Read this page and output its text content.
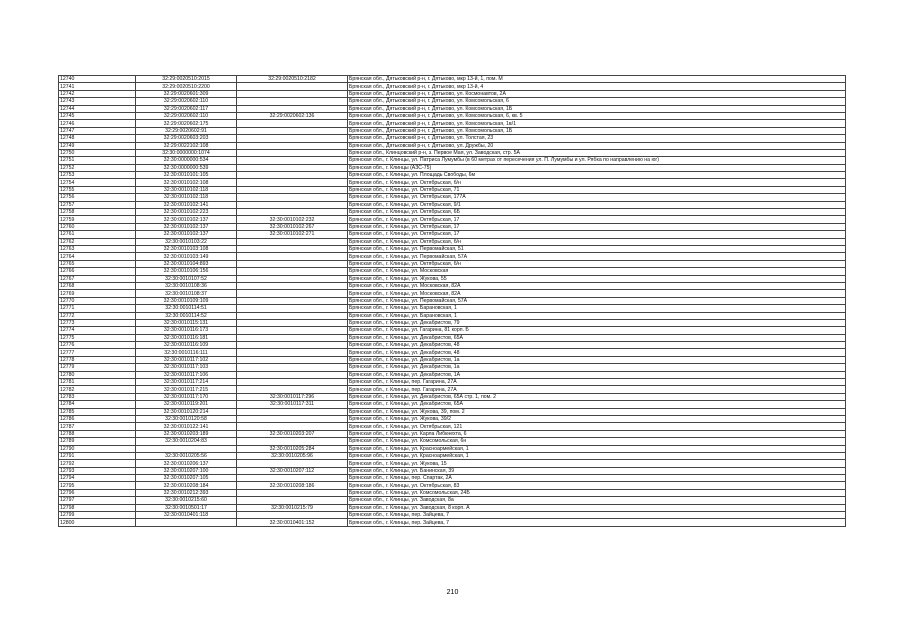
12740	32:29:0020510:2015	32:29:0020510:2182	Брянская обл., Дятьковский р-н, г. Дятьково, мкр 13-й, 1, пом. М
12741	32:29:0020510:2200		Брянская обл., Дятьковский р-н, г. Дятьково, мкр 13-й, 4
12742	32:29:0020601:309		Брянская обл., Дятьковский р-н, г. Дятьково, ул. Космонавтов, 2А
12743	32:29:0020602:110		Брянская обл., Дятьковский р-н, г. Дятьково, ул. Комсомольская, 6
12744	32:29:0020602:117		Брянская обл., Дятьковский р-н, г. Дятьково, ул. Комсомольская, 1Б
12745	32:29:0020602:110	32:29:0020602:136	Брянская обл., Дятьковский р-н, г. Дятьково, ул. Комсомольская, 6, кв. 5
12746	32:29:0020602:175		Брянская обл., Дятьковский р-н, г. Дятьково, ул. Комсомольская, 1в/1
12747	32:29:0020602:91		Брянская обл., Дятьковский р-н, г. Дятьково, ул. Комсомольская, 1Б
12748	32:29:0020603:203		Брянская обл., Дятьковский р-н, г. Дятьково, ул. Толстая, 23
12749	32:29:0022102:108		Брянская обл., Дятьковский р-н, г. Дятьково, ул. Дружбы, 20
12750	32:30:0000000:1074		Брянская обл., Клинцовский р-н, з. Первое Мая, ул. Заводская, стр. 5А
12751	32:30:0000000:534		Брянская обл., г. Клинцы, ул. Патриса Лумумбы (в 60 метрах от пересечения ул. П. Лумумбы и ул. Рябка по направлению на юг)
12752	32:30:0000000:539		Брянская обл., г. Клинцы (АЗС-75)
12753	32:30:0010101:105		Брянская обл., г. Клинцы, ул. Площадь Свободы, 6м
12754	32:30:0010102:108		Брянская обл., г. Клинцы, ул. Октябрьская, б/н
12755	32:30:0010102:118		Брянская обл., г. Клинцы, ул. Октябрьская, 71
12756	32:30:0010102:118		Брянская обл., г. Клинцы, ул. Октябрьская, 177А
12757	32:30:0010102:141		Брянская обл., г. Клинцы, ул. Октябрьская, 9/1
12758	32:30:0010102:223		Брянская обл., г. Клинцы, ул. Октябрьская, 6Б
12759	32:30:0010102:137	32:30:0010102:232	Брянская обл., г. Клинцы, ул. Октябрьская, 17
12760	32:30:0010102:137	32:30:0010102:267	Брянская обл., г. Клинцы, ул. Октябрьская, 17
12761	32:30:0010102:137	32:30:0010102:271	Брянская обл., г. Клинцы, ул. Октябрьская, 17
12762	32:30:0010103:22		Брянская обл., г. Клинцы, ул. Октябрьская, б/н
12763	32:30:0010103:108		Брянская обл., г. Клинцы, ул. Первомайская, 51
12764	32:30:0010103:149		Брянская обл., г. Клинцы, ул. Первомайская, 57А
12765	32:30:0010104:893		Брянская обл., г. Клинцы, ул. Октябрьская, б/н
12766	32:30:0010106:156		Брянская обл., г. Клинцы, ул. Московская
12767	32:30:0010107:52		Брянская обл., г. Клинцы, ул. Жукова, 55
12768	32:30:0010108:36		Брянская обл., г. Клинцы, ул. Московская, 82А
12769	32:30:0010108:37		Брянская обл., г. Клинцы, ул. Московская, 82А
12770	32:30:0010109:109		Брянская обл., г. Клинцы, ул. Первомайская, 57А
12771	32:30:0010114:51		Брянская обл., г. Клинцы, ул. Барановская, 1
12772	32:30:0010114:52		Брянская обл., г. Клинцы, ул. Барановская, 1
12773	32:30:0010115:131		Брянская обл., г. Клинцы, ул. Декабристов, 79
12774	32:30:0010116:173		Брянская обл., г. Клинцы, ул. Гагарина, 81 корп. Б
12775	32:30:0010116:181		Брянская обл., г. Клинцы, ул. Декабристов, 65А
12776	32:30:0010116:109		Брянская обл., г. Клинцы, ул. Декабристов, 48
12777	32:30:0010116:111		Брянская обл., г. Клинцы, ул. Декабристов, 48
12778	32:30:0010117:102		Брянская обл., г. Клинцы, ул. Декабристов, 1а
12779	32:30:0010117:103		Брянская обл., г. Клинцы, ул. Декабристов, 1а
12780	32:30:0010117:106		Брянская обл., г. Клинцы, ул. Декабристов, 1А
12781	32:30:0010117:214		Брянская обл., г. Клинцы, пер. Гагарина, 27А
12782	32:30:0010117:215		Брянская обл., г. Клинцы, пер. Гагарина, 27А
12783	32:30:0010117:170	32:30:0010117:296	Брянская обл., г. Клинцы, ул. Декабристов, 65А стр. 1, пом. 2
12784	32:30:0010119:201	32:30:0010117:311	Брянская обл., г. Клинцы, ул. Декабристов, 65А
12785	32:30:0010120:214		Брянская обл., г. Клинцы, ул. Жукова, 39, пом. 2
12786	32:30:0010120:58		Брянская обл., г. Клинцы, ул. Жукова, 39/2
12787	32:30:0010122:141		Брянская обл., г. Клинцы, ул. Октябрьская, 121
12788	32:30:0010203:189	32:30:0010203:207	Брянская обл., г. Клинцы, ул. Карла Либкнехта, 6
12789	32:30:0010204:83		Брянская обл., г. Клинцы, ул. Комсомольская, 6н
12790		32:30:0010205:284	Брянская обл., г. Клинцы, ул. Красноармейская, 1
12791	32:30:0010205:56	32:30:0010205:96	Брянская обл., г. Клинцы, ул. Красноармейская, 1
12792	32:30:0010206:137		Брянская обл., г. Клинцы, ул. Жукова, 15
12793	32:30:0010207:100	32:30:0010207:112	Брянская обл., г. Клинцы, ул. Банинская, 39
12794	32:30:0010207:105		Брянская обл., г. Клинцы, пер. Спартак, 2А
12795	32:30:0010208:184	32:30:0010208:186	Брянская обл., г. Клинцы, ул. Октябрьская, 83
12796	32:30:0010212:393		Брянская обл., г. Клинцы, ул. Комсомольская, 24Б
12797	32:30:0010215:60		Брянская обл., г. Клинцы, ул. Заводская, 8а
12798	32:30:0010501:17	32:30:0010215:79	Брянская обл., г. Клинцы, ул. Заводская, 8 корп. А
12799	32:30:0010401:118		Брянская обл., г. Клинцы, пер. Зайцева, 7
12800		32:30:0010401:152	Брянская обл., г. Клинцы, пер. Зайцева, 7
210
